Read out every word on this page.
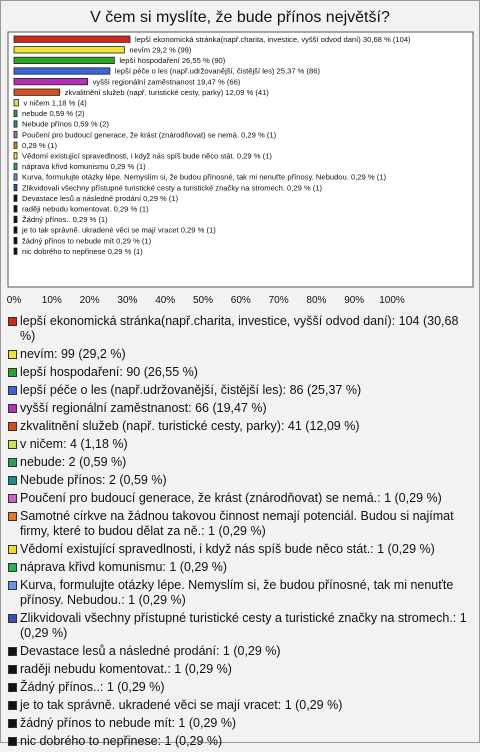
V čem si myslíte, že bude přínos největší?
lepší ekonomická stránka(např.charita, investice, vyšší odvod daní) 30,68 % (104)
nevím 29,2 % (99)
lepší hospodaření 26,55 % (90)
lepší péče o les (např.udržovanější, čistější les) 25,37 % (86)
vyšší regionální zaměstnanost 19,47 % (66)
zkvalitnění služeb (např. turistické cesty, parky) 12,09 % (41)
v ničem 1,18 % (4)
nebude 0,59 % (2)
Nebude přínos 0,59 % (2)
Poučení pro budoucí generace, že krást (znárodňovat) se nemá. 0,29 % (1)
0,29 % (1)
Vědomí existující spravedlnosti, i když nás spíš bude něco stát. 0,29 % (1)
náprava křivd komunismu 0,29 % (1)
Kurva, formulujte otázky lépe. Nemyslím si, že budou přínosné, tak mi nenuťte přínosy. Nebudou. 0,29 % (1)
Zlikvidovali všechny přístupné turistické cesty a turistické značky na stromech. 0,29 % (1)
Devastace lesů a následné prodání 0,29 % (1)
raději nebudu komentovat. 0,29 % (1)
Žádný přínos.. 0,29 % (1)
je to tak správně. ukradené věci se mají vracet 0,29 % (1)
žádný přínos to nebude mít 0,29 % (1)
nic dobrého to nepřinese 0,29 % (1)
0% 10% 20% 30% 40% 50% 60% 70% 80% 90% 100%
lepší ekonomická stránka(např.charita, investice, vyšší odvod daní): 104 (30,68 %)
nevím: 99 (29,2 %)
lepší hospodaření: 90 (26,55 %)
lepší péče o les (např.udržovanější, čistější les): 86 (25,37 %)
vyšší regionální zaměstnanost: 66 (19,47 %)
zkvalitnění služeb (např. turistické cesty, parky): 41 (12,09 %)
v ničem: 4 (1,18 %)
nebude: 2 (0,59 %)
Nebude přínos: 2 (0,59 %)
Poučení pro budoucí generace, že krást (znárodňovat) se nemá.: 1 (0,29 %)
Samotné církve na žádnou takovou činnost nemají potenciál. Budou si najímat firmy, které to budou dělat za ně.: 1 (0,29 %)
Vědomí existující spravedlnosti, i když nás spíš bude něco stát.: 1 (0,29 %)
náprava křivd komunismu: 1 (0,29 %)
Kurva, formulujte otázky lépe. Nemyslím si, že budou přínosné, tak mi nenuťte přínosy. Nebudou.: 1 (0,29 %)
Zlikvidovali všechny přístupné turistické cesty a turistické značky na stromech.: 1 (0,29 %)
Devastace lesů a následné prodání: 1 (0,29 %)
raději nebudu komentovat.: 1 (0,29 %)
Žádný přínos..: 1 (0,29 %)
je to tak správně. ukradené věci se mají vracet: 1 (0,29 %)
žádný přínos to nebude mít: 1 (0,29 %)
nic dobrého to nepřinese: 1 (0,29 %)
